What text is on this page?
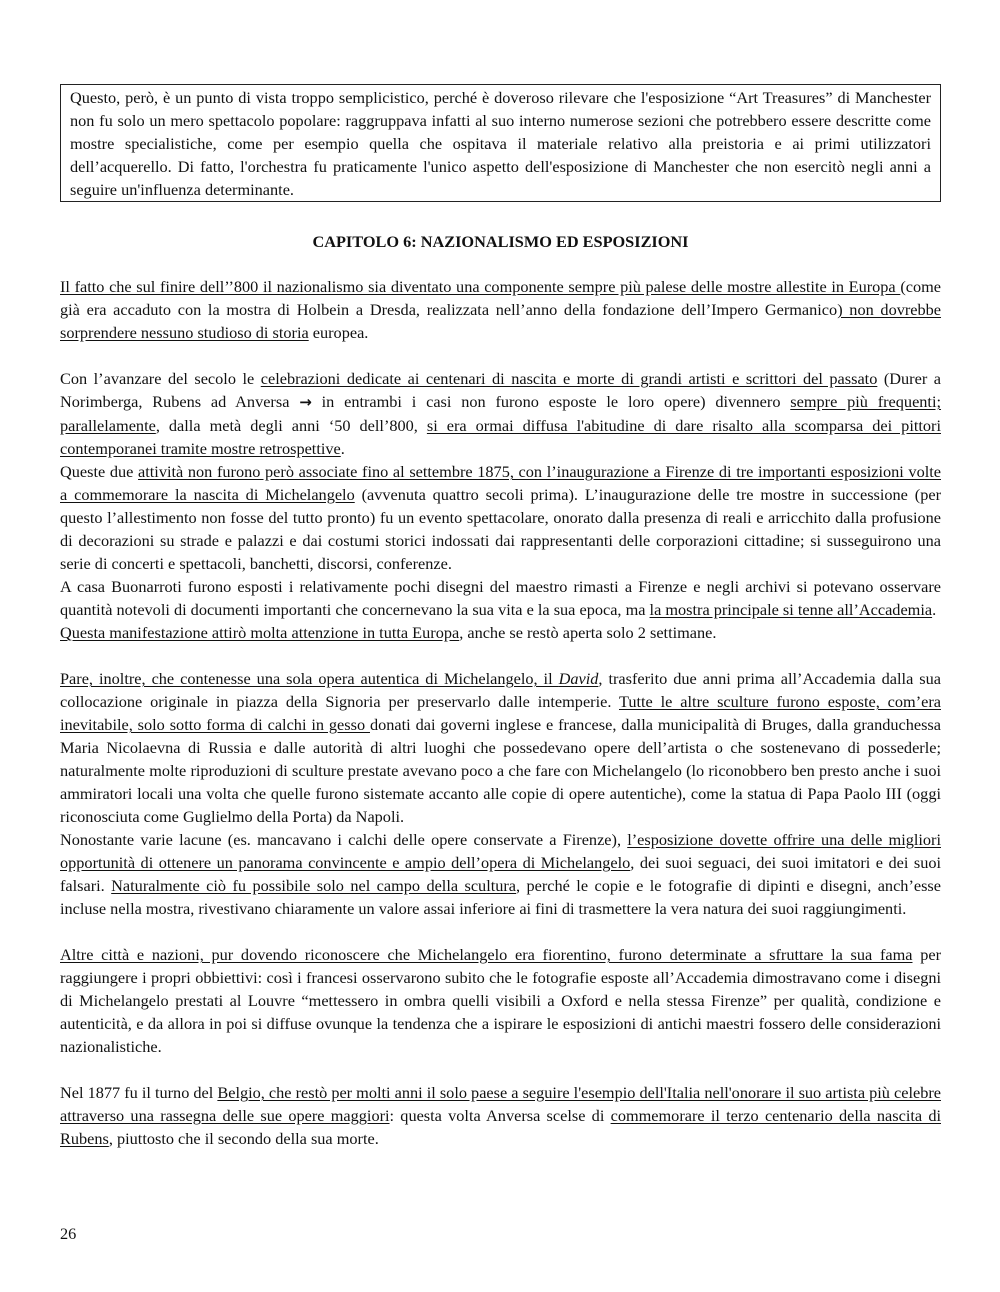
Questo, però, è un punto di vista troppo semplicistico, perché è doveroso rilevare che l'esposizione “Art Treasures” di Manchester non fu solo un mero spettacolo popolare: raggruppava infatti al suo interno numerose sezioni che potrebbero essere descritte come mostre specialistiche, come per esempio quella che ospitava il materiale relativo alla preistoria e ai primi utilizzatori dell’acquerello. Di fatto, l'orchestra fu praticamente l'unico aspetto dell'esposizione di Manchester che non esercitò negli anni a seguire un'influenza determinante.
CAPITOLO 6: NAZIONALISMO ED ESPOSIZIONI

Il fatto che sul finire dell’’800 il nazionalismo sia diventato una componente sempre più palese delle mostre allestite in Europa (come già era accaduto con la mostra di Holbein a Dresda, realizzata nell’anno della fondazione dell’Impero Germanico) non dovrebbe sorprendere nessuno studioso di storia europea.

Con l’avanzare del secolo le celebrazioni dedicate ai centenari di nascita e morte di grandi artisti e scrittori del passato (Durer a Norimberga, Rubens ad Anversa → in entrambi i casi non furono esposte le loro opere) divennero sempre più frequenti; parallelamente, dalla metà degli anni ‘50 dell’800, si era ormai diffusa l'abitudine di dare risalto alla scomparsa dei pittori contemporanei tramite mostre retrospettive.

Queste due attività non furono però associate fino al settembre 1875, con l’inaugurazione a Firenze di tre importanti esposizioni volte a commemorare la nascita di Michelangelo (avvenuta quattro secoli prima). L’inaugurazione delle tre mostre in successione (per questo l’allestimento non fosse del tutto pronto) fu un evento spettacolare, onorato dalla presenza di reali e arricchito dalla profusione di decorazioni su strade e palazzi e dai costumi storici indossati dai rappresentanti delle corporazioni cittadine; si susseguirono una serie di concerti e spettacoli, banchetti, discorsi, conferenze.

A casa Buonarroti furono esposti i relativamente pochi disegni del maestro rimasti a Firenze e negli archivi si potevano osservare quantità notevoli di documenti importanti che concernevano la sua vita e la sua epoca, ma la mostra principale si tenne all’Accademia.

Questa manifestazione attirò molta attenzione in tutta Europa, anche se restò aperta solo 2 settimane.

Pare, inoltre, che contenesse una sola opera autentica di Michelangelo, il David, trasferito due anni prima all’Accademia dalla sua collocazione originale in piazza della Signoria per preservarlo dalle intemperie. Tutte le altre sculture furono esposte, com’era inevitabile, solo sotto forma di calchi in gesso donati dai governi inglese e francese, dalla municipalità di Bruges, dalla granduchessa Maria Nicolaevna di Russia e dalle autorità di altri luoghi che possedevano opere dell’artista o che sostenevano di possederle; naturalmente molte riproduzioni di sculture prestate avevano poco a che fare con Michelangelo (lo riconobbero ben presto anche i suoi ammiratori locali una volta che quelle furono sistemate accanto alle copie di opere autentiche), come la statua di Papa Paolo III (oggi riconosciuta come Guglielmo della Porta) da Napoli.

Nonostante varie lacune (es. mancavano i calchi delle opere conservate a Firenze), l’esposizione dovette offrire una delle migliori opportunità di ottenere un panorama convincente e ampio dell’opera di Michelangelo, dei suoi seguaci, dei suoi imitatori e dei suoi falsari. Naturalmente ciò fu possibile solo nel campo della scultura, perché le copie e le fotografie di dipinti e disegni, anch’esse incluse nella mostra, rivestivano chiaramente un valore assai inferiore ai fini di trasmettere la vera natura dei suoi raggiungimenti.

Altre città e nazioni, pur dovendo riconoscere che Michelangelo era fiorentino, furono determinate a sfruttare la sua fama per raggiungere i propri obbiettivi: così i francesi osservarono subito che le fotografie esposte all’Accademia dimostravano come i disegni di Michelangelo prestati al Louvre “mettessero in ombra quelli visibili a Oxford e nella stessa Firenze” per qualità, condizione e autenticità, e da allora in poi si diffuse ovunque la tendenza che a ispirare le esposizioni di antichi maestri fossero delle considerazioni nazionalistiche.

Nel 1877 fu il turno del Belgio, che restò per molti anni il solo paese a seguire l'esempio dell'Italia nell'onorare il suo artista più celebre attraverso una rassegna delle sue opere maggiori: questa volta Anversa scelse di commemorare il terzo centenario della nascita di Rubens, piuttosto che il secondo della sua morte.

26
